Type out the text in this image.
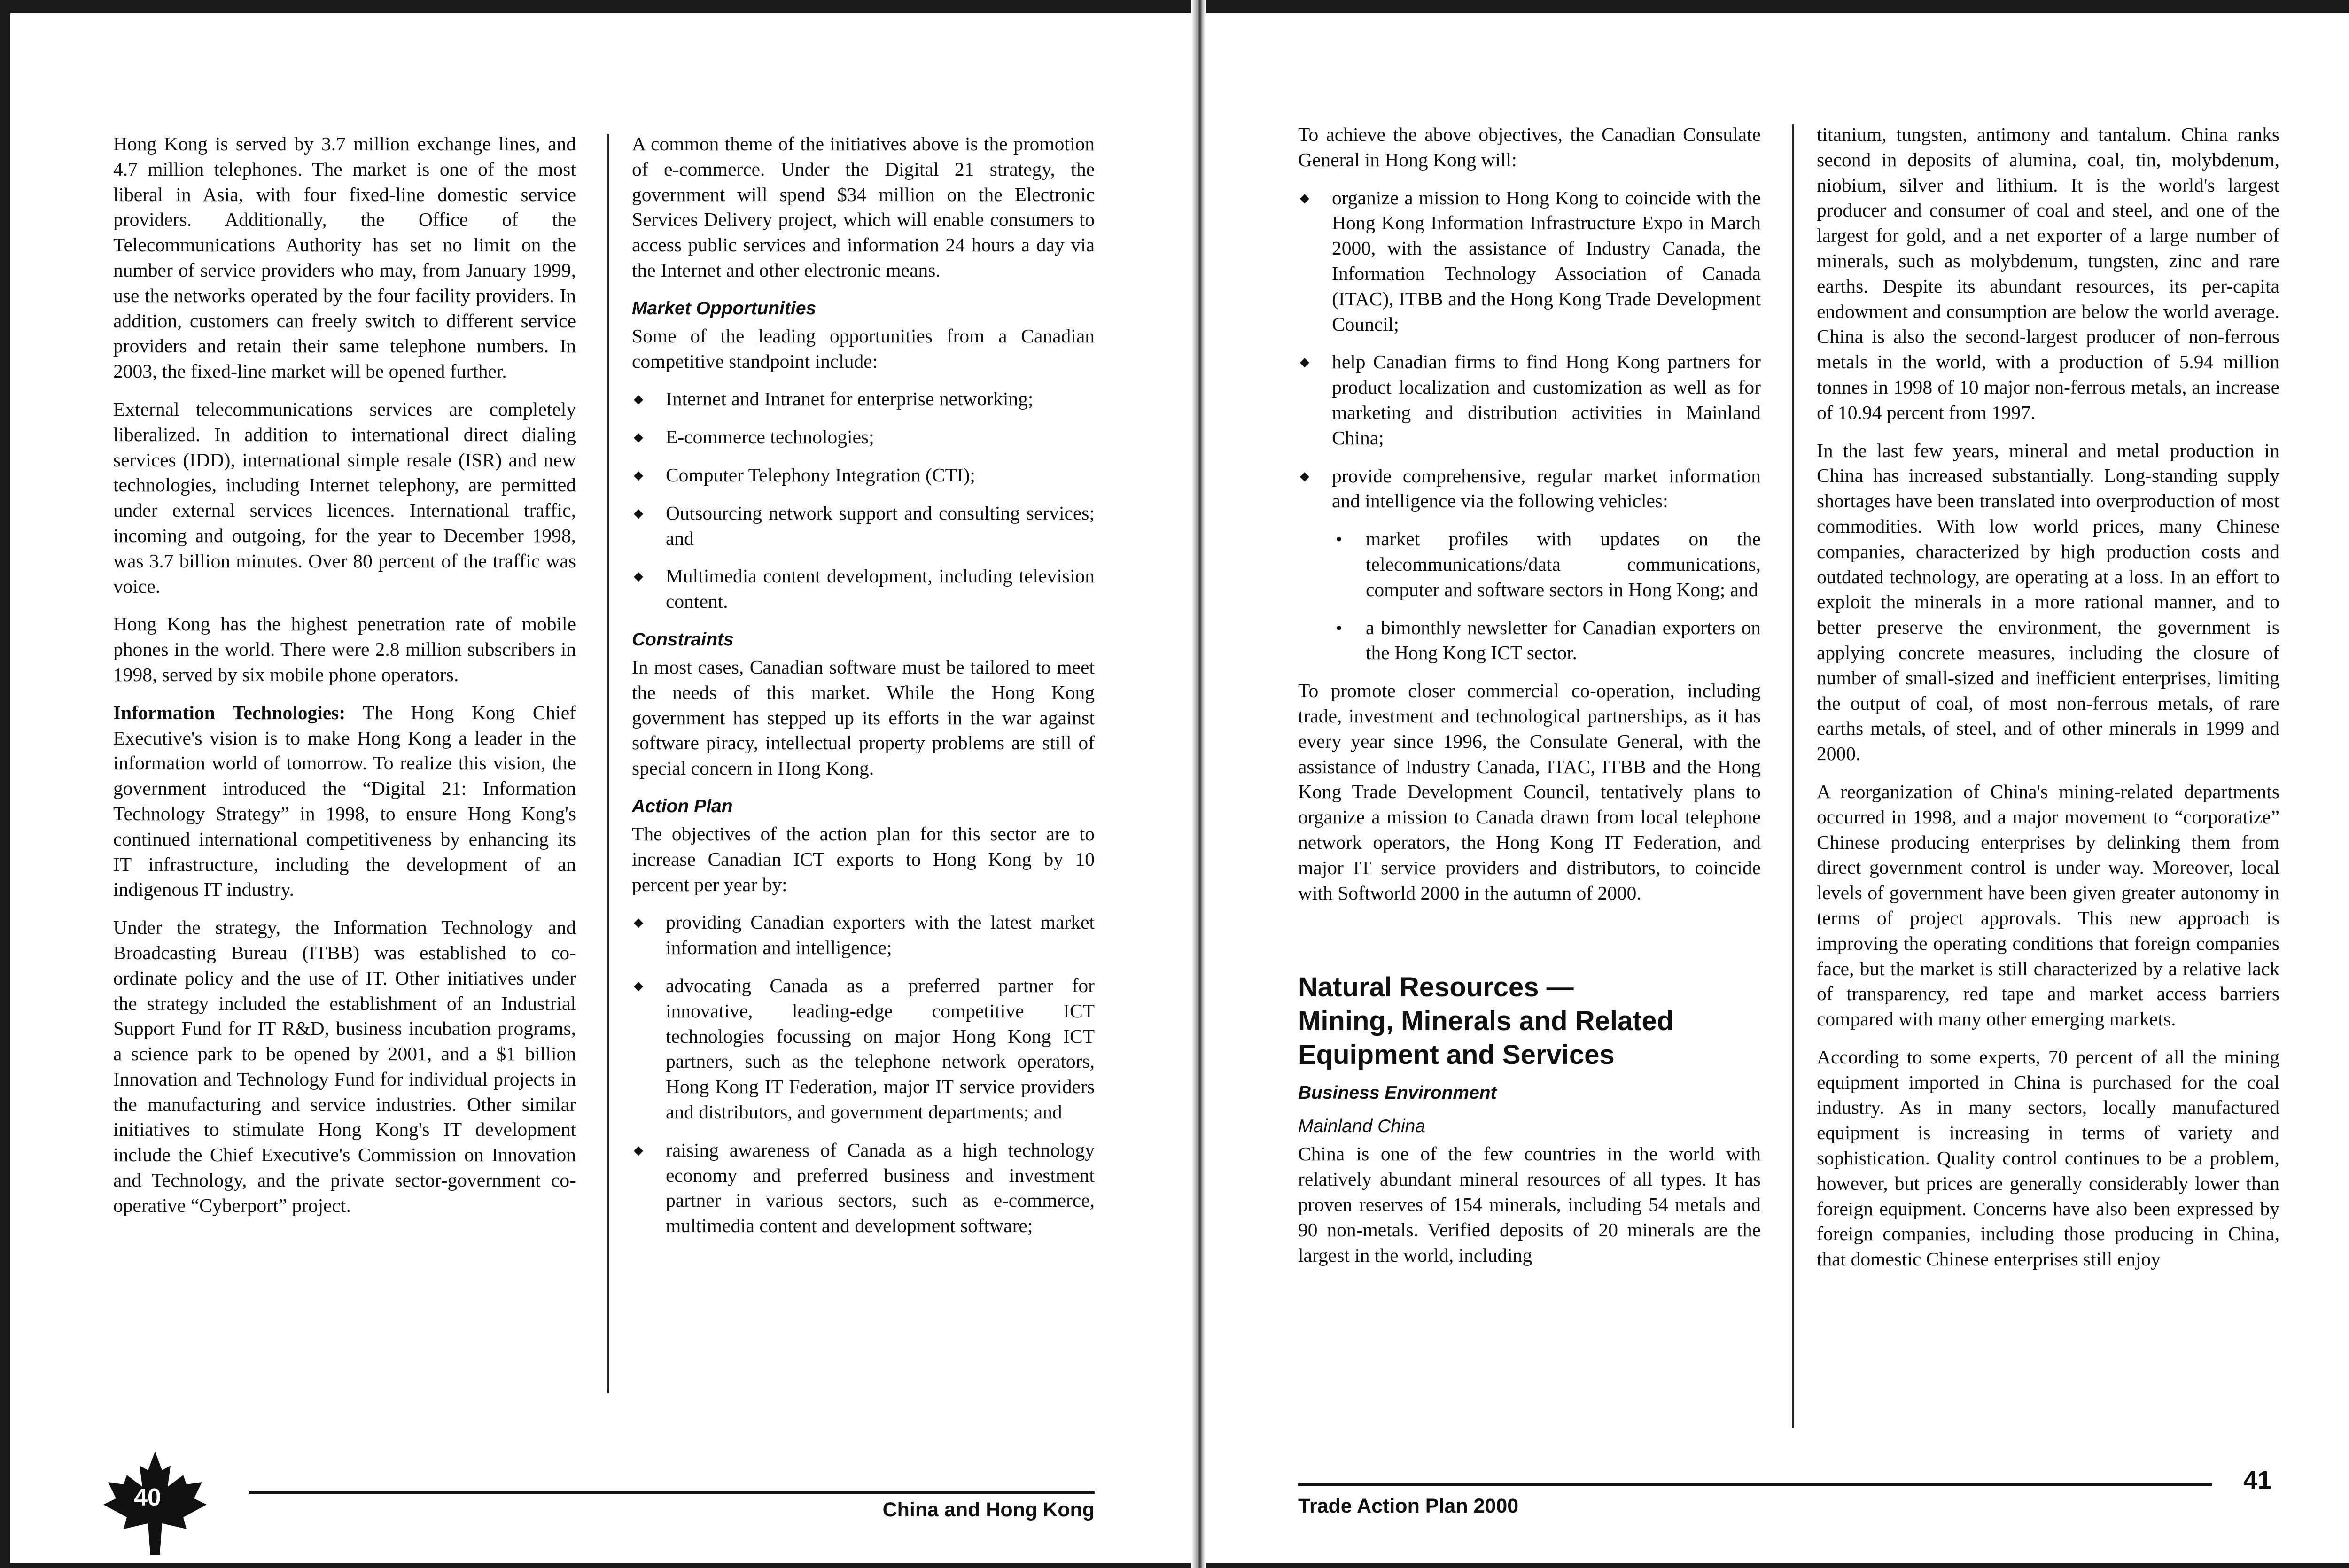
Hong Kong is served by 3.7 million exchange lines, and 4.7 million telephones. The market is one of the most liberal in Asia, with four fixed-line domestic service providers. Additionally, the Office of the Telecommunications Authority has set no limit on the number of service providers who may, from January 1999, use the networks operated by the four facility providers. In addition, customers can freely switch to different service providers and retain their same telephone numbers. In 2003, the fixed-line market will be opened further.

External telecommunications services are completely liberalized. In addition to international direct dialing services (IDD), international simple resale (ISR) and new technologies, including Internet telephony, are permitted under external services licences. International traffic, incoming and outgoing, for the year to December 1998, was 3.7 billion minutes. Over 80 percent of the traffic was voice.

Hong Kong has the highest penetration rate of mobile phones in the world. There were 2.8 million subscribers in 1998, served by six mobile phone operators.

Information Technologies: The Hong Kong Chief Executive's vision is to make Hong Kong a leader in the information world of tomorrow. To realize this vision, the government introduced the “Digital 21: Information Technology Strategy” in 1998, to ensure Hong Kong's continued international competitiveness by enhancing its IT infrastructure, including the development of an indigenous IT industry.

Under the strategy, the Information Technology and Broadcasting Bureau (ITBB) was established to co-ordinate policy and the use of IT. Other initiatives under the strategy included the establishment of an Industrial Support Fund for IT R&D, business incubation programs, a science park to be opened by 2001, and a $1 billion Innovation and Technology Fund for individual projects in the manufacturing and service industries. Other similar initiatives to stimulate Hong Kong's IT development include the Chief Executive's Commission on Innovation and Technology, and the private sector-government co-operative “Cyberport” project.

A common theme of the initiatives above is the promotion of e-commerce. Under the Digital 21 strategy, the government will spend $34 million on the Electronic Services Delivery project, which will enable consumers to access public services and information 24 hours a day via the Internet and other electronic means.

Market Opportunities

Some of the leading opportunities from a Canadian competitive standpoint include:

◆ Internet and Intranet for enterprise networking;
◆ E-commerce technologies;
◆ Computer Telephony Integration (CTI);
◆ Outsourcing network support and consulting services; and
◆ Multimedia content development, including television content.
Constraints

In most cases, Canadian software must be tailored to meet the needs of this market. While the Hong Kong government has stepped up its efforts in the war against software piracy, intellectual property problems are still of special concern in Hong Kong.

Action Plan

The objectives of the action plan for this sector are to increase Canadian ICT exports to Hong Kong by 10 percent per year by:

◆ providing Canadian exporters with the latest market information and intelligence;
◆ advocating Canada as a preferred partner for innovative, leading-edge competitive ICT technologies focussing on major Hong Kong ICT partners, such as the telephone network operators, Hong Kong IT Federation, major IT service providers and distributors, and government departments; and
◆ raising awareness of Canada as a high technology economy and preferred business and investment partner in various sectors, such as e-commerce, multimedia content and development software;
40	China and Hong Kong

To achieve the above objectives, the Canadian Consulate General in Hong Kong will:

◆ organize a mission to Hong Kong to coincide with the Hong Kong Information Infrastructure Expo in March 2000, with the assistance of Industry Canada, the Information Technology Association of Canada (ITAC), ITBB and the Hong Kong Trade Development Council;
◆ help Canadian firms to find Hong Kong partners for product localization and customization as well as for marketing and distribution activities in Mainland China;
◆ provide comprehensive, regular market information and intelligence via the following vehicles:
• market profiles with updates on the telecommunications/data communications, computer and software sectors in Hong Kong; and
• a bimonthly newsletter for Canadian exporters on the Hong Kong ICT sector.

To promote closer commercial co-operation, including trade, investment and technological partnerships, as it has every year since 1996, the Consulate General, with the assistance of Industry Canada, ITAC, ITBB and the Hong Kong Trade Development Council, tentatively plans to organize a mission to Canada drawn from local telephone network operators, the Hong Kong IT Federation, and major IT service providers and distributors, to coincide with Softworld 2000 in the autumn of 2000.

Natural Resources —
Mining, Minerals and Related
Equipment and Services
Business Environment
Mainland China

China is one of the few countries in the world with relatively abundant mineral resources of all types. It has proven reserves of 154 minerals, including 54 metals and 90 non-metals. Verified deposits of 20 minerals are the largest in the world, including

titanium, tungsten, antimony and tantalum. China ranks second in deposits of alumina, coal, tin, molybdenum, niobium, silver and lithium. It is the world's largest producer and consumer of coal and steel, and one of the largest for gold, and a net exporter of a large number of minerals, such as molybdenum, tungsten, zinc and rare earths. Despite its abundant resources, its per-capita endowment and consumption are below the world average. China is also the second-largest producer of non-ferrous metals in the world, with a production of 5.94 million tonnes in 1998 of 10 major non-ferrous metals, an increase of 10.94 percent from 1997.

In the last few years, mineral and metal production in China has increased substantially. Long-standing supply shortages have been translated into overproduction of most commodities. With low world prices, many Chinese companies, characterized by high production costs and outdated technology, are operating at a loss. In an effort to exploit the minerals in a more rational manner, and to better preserve the environment, the government is applying concrete measures, including the closure of number of small-sized and inefficient enterprises, limiting the output of coal, of most non-ferrous metals, of rare earths metals, of steel, and of other minerals in 1999 and 2000.

A reorganization of China's mining-related departments occurred in 1998, and a major movement to “corporatize” Chinese producing enterprises by delinking them from direct government control is under way. Moreover, local levels of government have been given greater autonomy in terms of project approvals. This new approach is improving the operating conditions that foreign companies face, but the market is still characterized by a relative lack of transparency, red tape and market access barriers compared with many other emerging markets.

According to some experts, 70 percent of all the mining equipment imported in China is purchased for the coal industry. As in many sectors, locally manufactured equipment is increasing in terms of variety and sophistication. Quality control continues to be a problem, however, but prices are generally considerably lower than foreign equipment. Concerns have also been expressed by foreign companies, including those producing in China, that domestic Chinese enterprises still enjoy

Trade Action Plan 2000
41
